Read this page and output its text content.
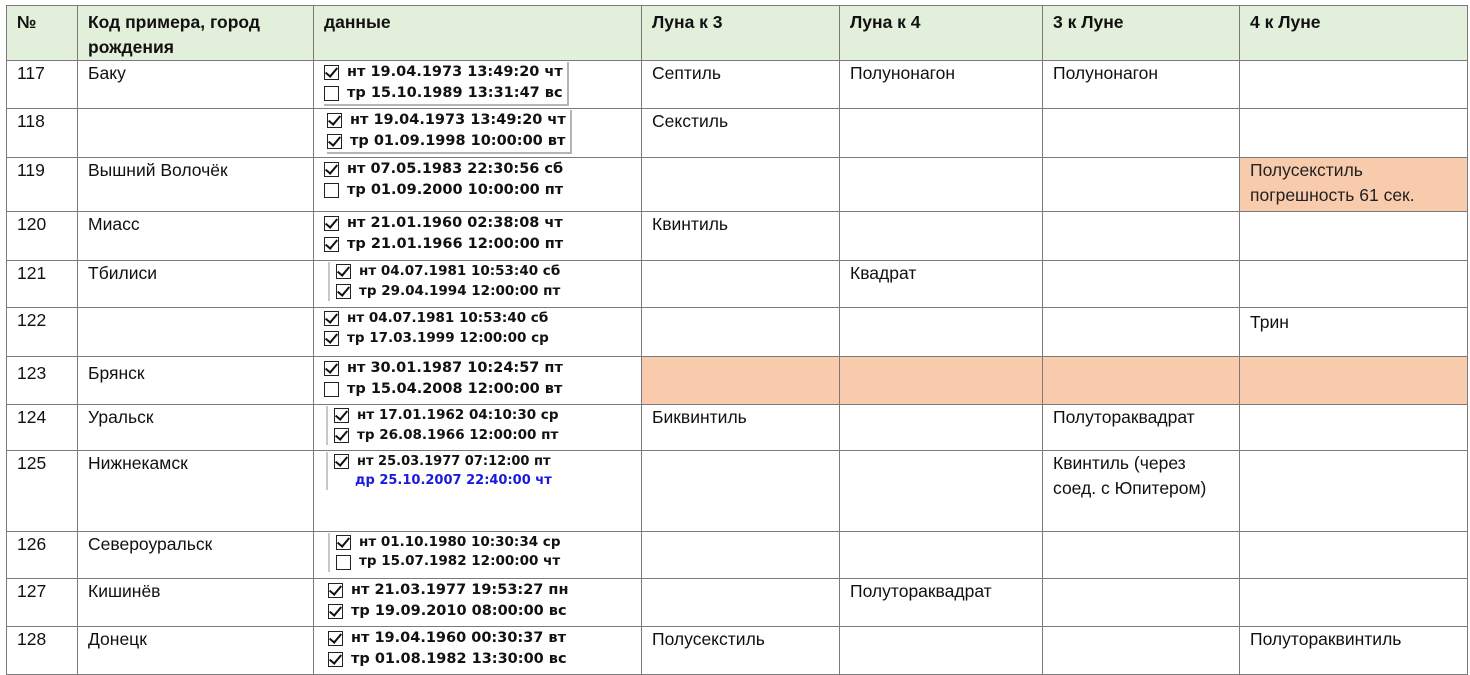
№	Код примера, город рождения	данные	Луна к 3	Луна к 4	3 к Луне	4 к Луне
117	Баку	нт 19.04.1973 13:49:20 чт
тр 15.10.1989 13:31:47 вс	Септиль	Полунонагон	Полунонагон	
118		нт 19.04.1973 13:49:20 чт
тр 01.09.1998 10:00:00 вт	Секстиль			
119	Вышний Волочёк	нт 07.05.1983 22:30:56 сб
тр 01.09.2000 10:00:00 пт				Полусекстиль погрешность 61 сек.
120	Миасс	нт 21.01.1960 02:38:08 чт
тр 21.01.1966 12:00:00 пт	Квинтиль			
121	Тбилиси	нт 04.07.1981 10:53:40 сб
тр 29.04.1994 12:00:00 пт		Квадрат		
122		нт 04.07.1981 10:53:40 сб
тр 17.03.1999 12:00:00 ср				Трин
123	Брянск	нт 30.01.1987 10:24:57 пт
тр 15.04.2008 12:00:00 вт				

124	Уральск	нт 17.01.1962 04:10:30 ср
тр 26.08.1966 12:00:00 пт	Биквинтиль		Полутораквадрат	
125	Нижнекамск	нт 25.03.1977 07:12:00 пт
др 25.10.2007 22:40:00 чт			Квинтиль (через соед. с Юпитером)	
126	Североуральск	нт 01.10.1980 10:30:34 ср
тр 15.07.1982 12:00:00 чт				

127	Кишинёв	нт 21.03.1977 19:53:27 пн
тр 19.09.2010 08:00:00 вс		Полутораквадрат		
128	Донецк	нт 19.04.1960 00:30:37 вт
тр 01.08.1982 13:30:00 вс	Полусекстиль			Полутораквинтиль
